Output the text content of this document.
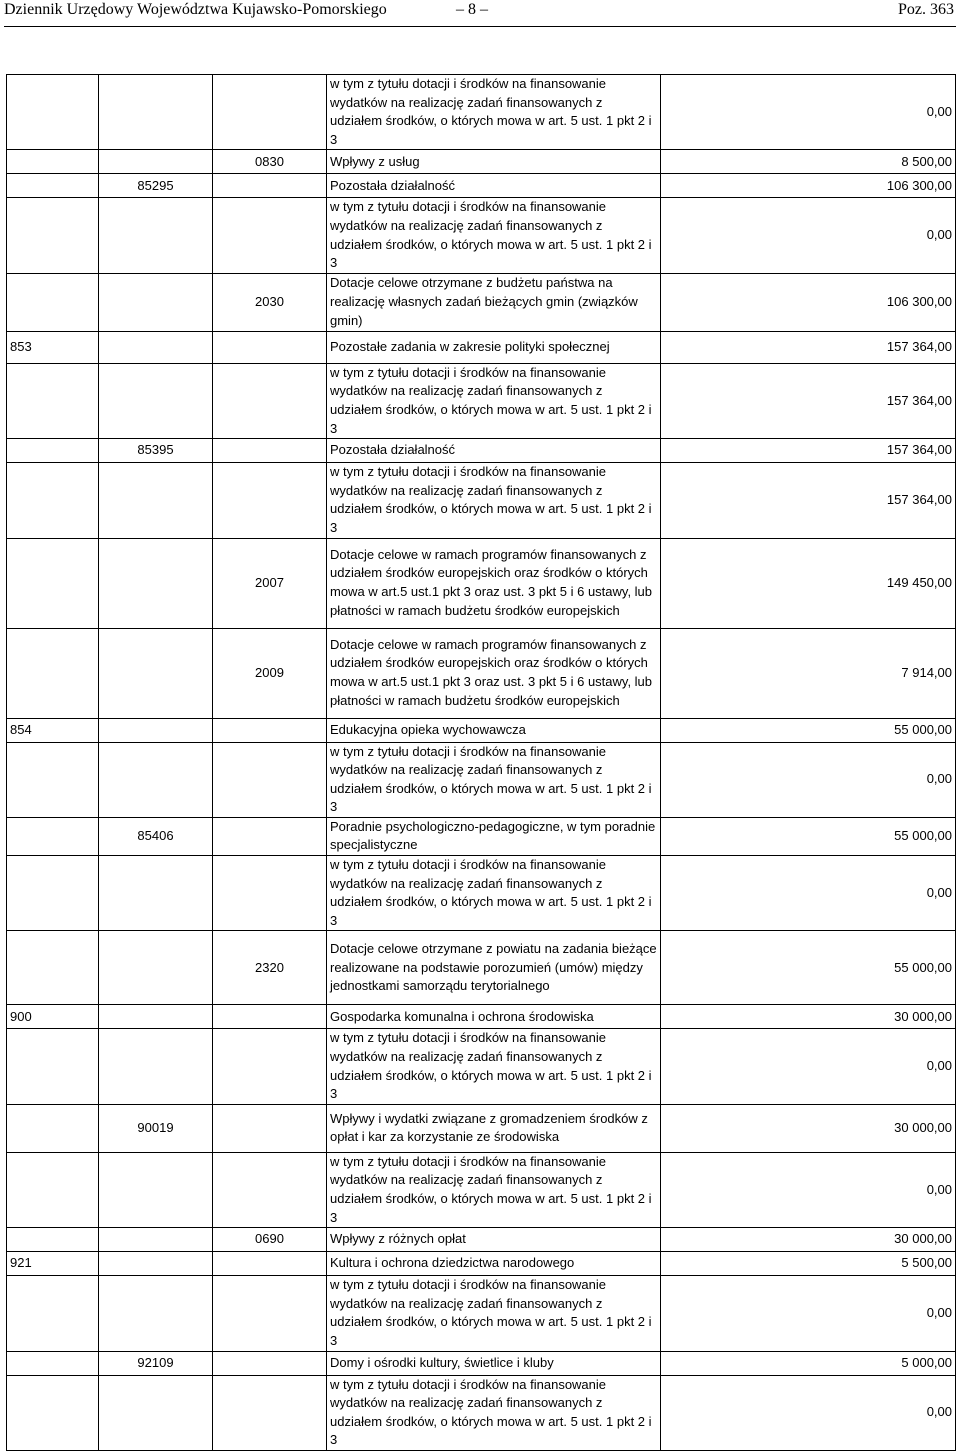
Dziennik Urzędowy Województwa Kujawsko-Pomorskiego	– 8 –	Poz. 363
			w tym z tytułu dotacji i środków na finansowanie wydatków na realizację zadań finansowanych z udziałem środków, o których mowa w art. 5 ust. 1 pkt 2 i 3	0,00
		0830	Wpływy z usług	8 500,00
	85295		Pozostała działalność	106 300,00
			w tym z tytułu dotacji i środków na finansowanie wydatków na realizację zadań finansowanych z udziałem środków, o których mowa w art. 5 ust. 1 pkt 2 i 3	0,00
		2030	Dotacje celowe otrzymane z budżetu państwa na realizację własnych zadań bieżących gmin (związków gmin)	106 300,00
853			Pozostałe zadania w zakresie polityki społecznej	157 364,00
			w tym z tytułu dotacji i środków na finansowanie wydatków na realizację zadań finansowanych z udziałem środków, o których mowa w art. 5 ust. 1 pkt 2 i 3	157 364,00
	85395		Pozostała działalność	157 364,00
			w tym z tytułu dotacji i środków na finansowanie wydatków na realizację zadań finansowanych z udziałem środków, o których mowa w art. 5 ust. 1 pkt 2 i 3	157 364,00
		2007	Dotacje celowe w ramach programów finansowanych z udziałem środków europejskich oraz środków o których mowa w art.5 ust.1 pkt 3 oraz ust. 3 pkt 5 i 6 ustawy, lub płatności w ramach budżetu środków europejskich	149 450,00
		2009	Dotacje celowe w ramach programów finansowanych z udziałem środków europejskich oraz środków o których mowa w art.5 ust.1 pkt 3 oraz ust. 3 pkt 5 i 6 ustawy, lub płatności w ramach budżetu środków europejskich	7 914,00
854			Edukacyjna opieka wychowawcza	55 000,00
			w tym z tytułu dotacji i środków na finansowanie wydatków na realizację zadań finansowanych z udziałem środków, o których mowa w art. 5 ust. 1 pkt 2 i 3	0,00
	85406		Poradnie psychologiczno-pedagogiczne, w tym poradnie specjalistyczne	55 000,00
			w tym z tytułu dotacji i środków na finansowanie wydatków na realizację zadań finansowanych z udziałem środków, o których mowa w art. 5 ust. 1 pkt 2 i 3	0,00
		2320	Dotacje celowe otrzymane z powiatu na zadania bieżące realizowane na podstawie porozumień (umów) między jednostkami samorządu terytorialnego	55 000,00
900			Gospodarka komunalna i ochrona środowiska	30 000,00
			w tym z tytułu dotacji i środków na finansowanie wydatków na realizację zadań finansowanych z udziałem środków, o których mowa w art. 5 ust. 1 pkt 2 i 3	0,00
	90019		Wpływy i wydatki związane z gromadzeniem środków z opłat i kar za korzystanie ze środowiska	30 000,00
			w tym z tytułu dotacji i środków na finansowanie wydatków na realizację zadań finansowanych z udziałem środków, o których mowa w art. 5 ust. 1 pkt 2 i 3	0,00
		0690	Wpływy z różnych opłat	30 000,00
921			Kultura i ochrona dziedzictwa narodowego	5 500,00
			w tym z tytułu dotacji i środków na finansowanie wydatków na realizację zadań finansowanych z udziałem środków, o których mowa w art. 5 ust. 1 pkt 2 i 3	0,00
	92109		Domy i ośrodki kultury, świetlice i kluby	5 000,00
			w tym z tytułu dotacji i środków na finansowanie wydatków na realizację zadań finansowanych z udziałem środków, o których mowa w art. 5 ust. 1 pkt 2 i 3	0,00
